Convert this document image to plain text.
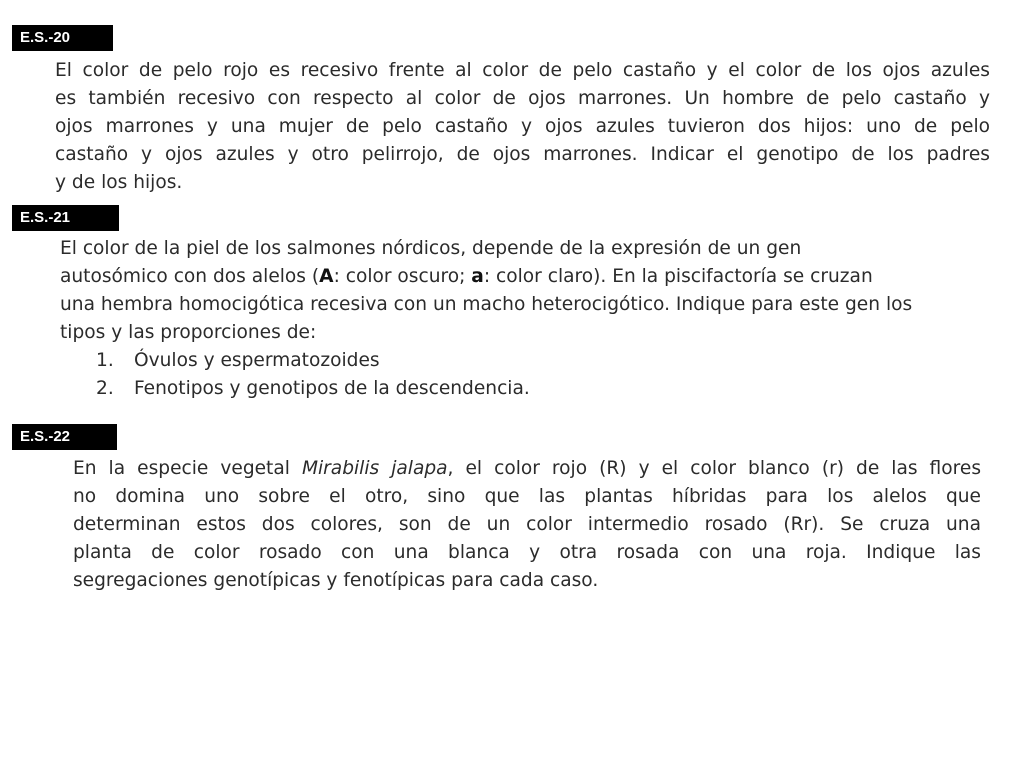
E.S.-20
El color de pelo rojo es recesivo frente al color de pelo castaño y el color de los ojos azules
es también recesivo con respecto al color de ojos marrones. Un hombre de pelo castaño y
ojos marrones y una mujer de pelo castaño y ojos azules tuvieron dos hijos: uno de pelo
castaño y ojos azules y otro pelirrojo, de ojos marrones. Indicar el genotipo de los padres
y de los hijos.
E.S.-21
El color de la piel de los salmones nórdicos, depende de la expresión de un gen
autosómico con dos alelos (A: color oscuro; a: color claro). En la piscifactoría se cruzan
una hembra homocigótica recesiva con un macho heterocigótico. Indique para este gen los
tipos y las proporciones de:
1. Óvulos y espermatozoides
2. Fenotipos y genotipos de la descendencia.
E.S.-22
En la especie vegetal Mirabilis jalapa, el color rojo (R) y el color blanco (r) de las flores
no domina uno sobre el otro, sino que las plantas híbridas para los alelos que
determinan estos dos colores, son de un color intermedio rosado (Rr). Se cruza una
planta de color rosado con una blanca y otra rosada con una roja. Indique las
segregaciones genotípicas y fenotípicas para cada caso.
